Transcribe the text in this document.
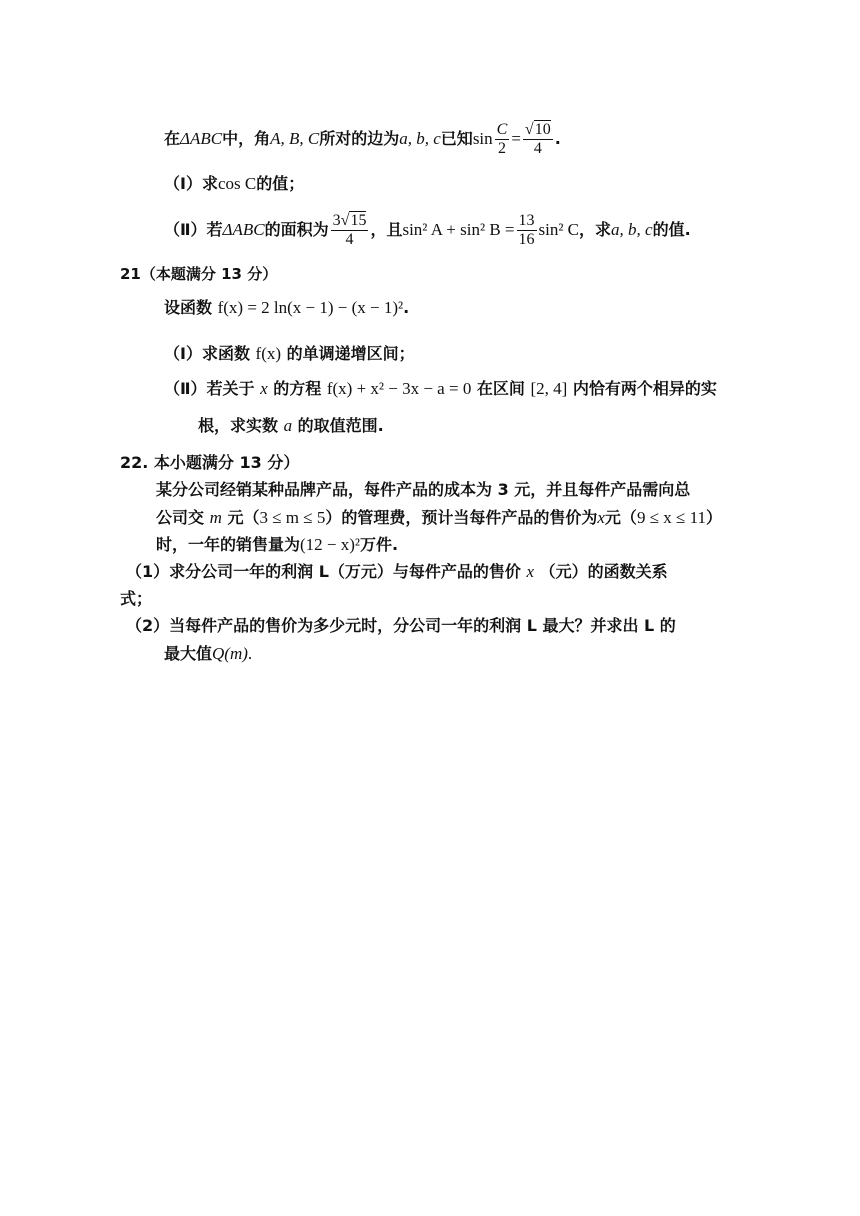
在ΔABC中，角A, B, C所对的边为a, b, c已知$\sin \frac{C}{2} = \frac{√10}{4}$ .
（Ⅰ）求cos C的值；
（Ⅱ）若ΔABC的面积为 $\frac{3√15}{4}$ ，且sin² A + sin² $B = \frac{13}{16} \sin^2$ C，求a, b, c的值.
21（本题满分 13 分）
设函数 f(x) = 2 ln(x − 1) − (x − 1)².
（Ⅰ）求函数 f(x) 的单调递增区间；
（Ⅱ）若关于 x 的方程 f(x) + x² − 3x − a = 0 在区间 [2, 4] 内恰有两个相异的实
根，求实数 a 的取值范围.
22. 本小题满分 13 分）
某分公司经销某种品牌产品，每件产品的成本为 3 元，并且每件产品需向总
公司交 m 元（3 ≤ m ≤ 5）的管理费，预计当每件产品的售价为x元（9 ≤ x ≤ 11）
时，一年的销售量为(12 − x)²万件.
（1）求分公司一年的利润 L（万元）与每件产品的售价 x （元）的函数关系
式；
（2）当每件产品的售价为多少元时，分公司一年的利润 L 最大？并求出 L 的
最大值Q(m).
